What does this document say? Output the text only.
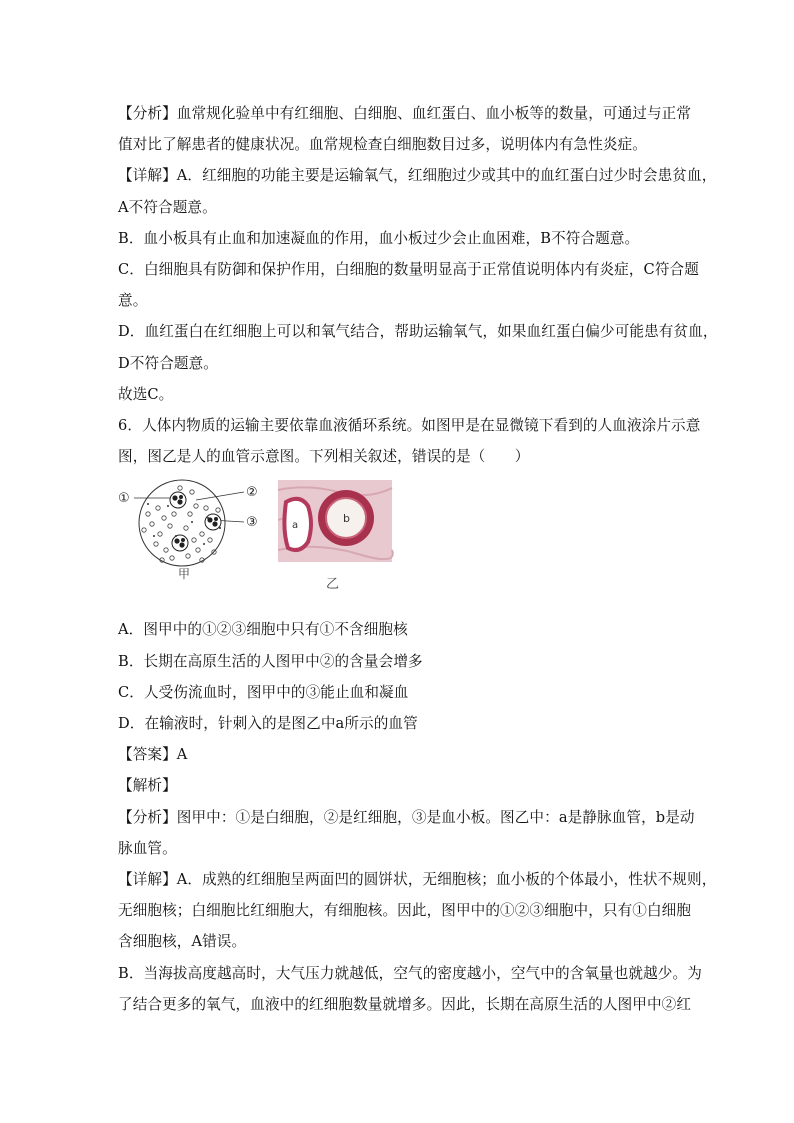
【分析】血常规化验单中有红细胞、白细胞、血红蛋白、血小板等的数量，可通过与正常

值对比了解患者的健康状况。血常规检查白细胞数目过多，说明体内有急性炎症。

【详解】A．红细胞的功能主要是运输氧气，红细胞过少或其中的血红蛋白过少时会患贫血，

A不符合题意。

B．血小板具有止血和加速凝血的作用，血小板过少会止血困难，B不符合题意。

C．白细胞具有防御和保护作用，白细胞的数量明显高于正常值说明体内有炎症，C符合题

意。

D．血红蛋白在红细胞上可以和氧气结合，帮助运输氧气，如果血红蛋白偏少可能患有贫血，

D不符合题意。

故选C。

6．人体内物质的运输主要依靠血液循环系统。如图甲是在显微镜下看到的人血液涂片示意

图，图乙是人的血管示意图。下列相关叙述，错误的是（　　）

①	②
③
甲
a
b
乙

A．图甲中的①②③细胞中只有①不含细胞核

B．长期在高原生活的人图甲中②的含量会增多

C．人受伤流血时，图甲中的③能止血和凝血

D．在输液时，针刺入的是图乙中a所示的血管

【答案】A

【解析】

【分析】图甲中：①是白细胞，②是红细胞，③是血小板。图乙中：a是静脉血管，b是动

脉血管。

【详解】A．成熟的红细胞呈两面凹的圆饼状，无细胞核；血小板的个体最小，性状不规则，

无细胞核；白细胞比红细胞大，有细胞核。因此，图甲中的①②③细胞中，只有①白细胞

含细胞核，A错误。

B．当海拔高度越高时，大气压力就越低，空气的密度越小，空气中的含氧量也就越少。为

了结合更多的氧气，血液中的红细胞数量就增多。因此，长期在高原生活的人图甲中②红
